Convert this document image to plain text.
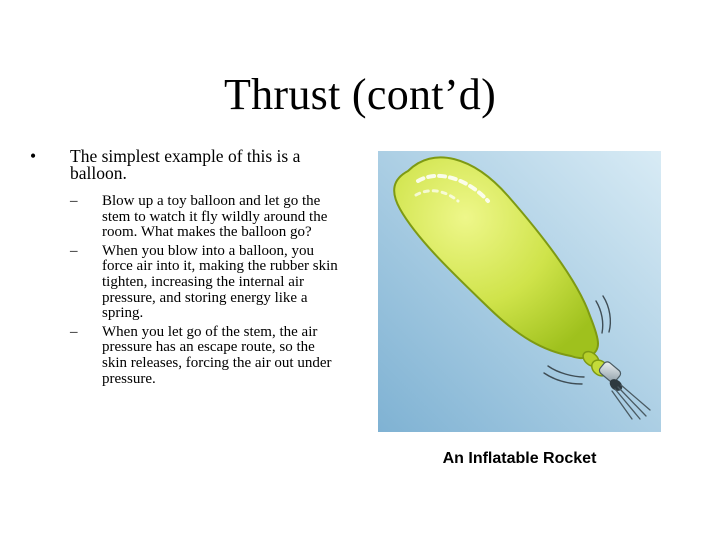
Thrust (cont’d)
• The simplest example of this is a balloon.
– Blow up a toy balloon and let go the stem to watch it fly wildly around the room. What makes the balloon go?
– When you blow into a balloon, you force air into it, making the rubber skin tighten, increasing the internal air pressure, and storing energy like a spring.
– When you let go of the stem, the air pressure has an escape route, so the skin releases, forcing the air out under pressure.
An Inflatable Rocket
